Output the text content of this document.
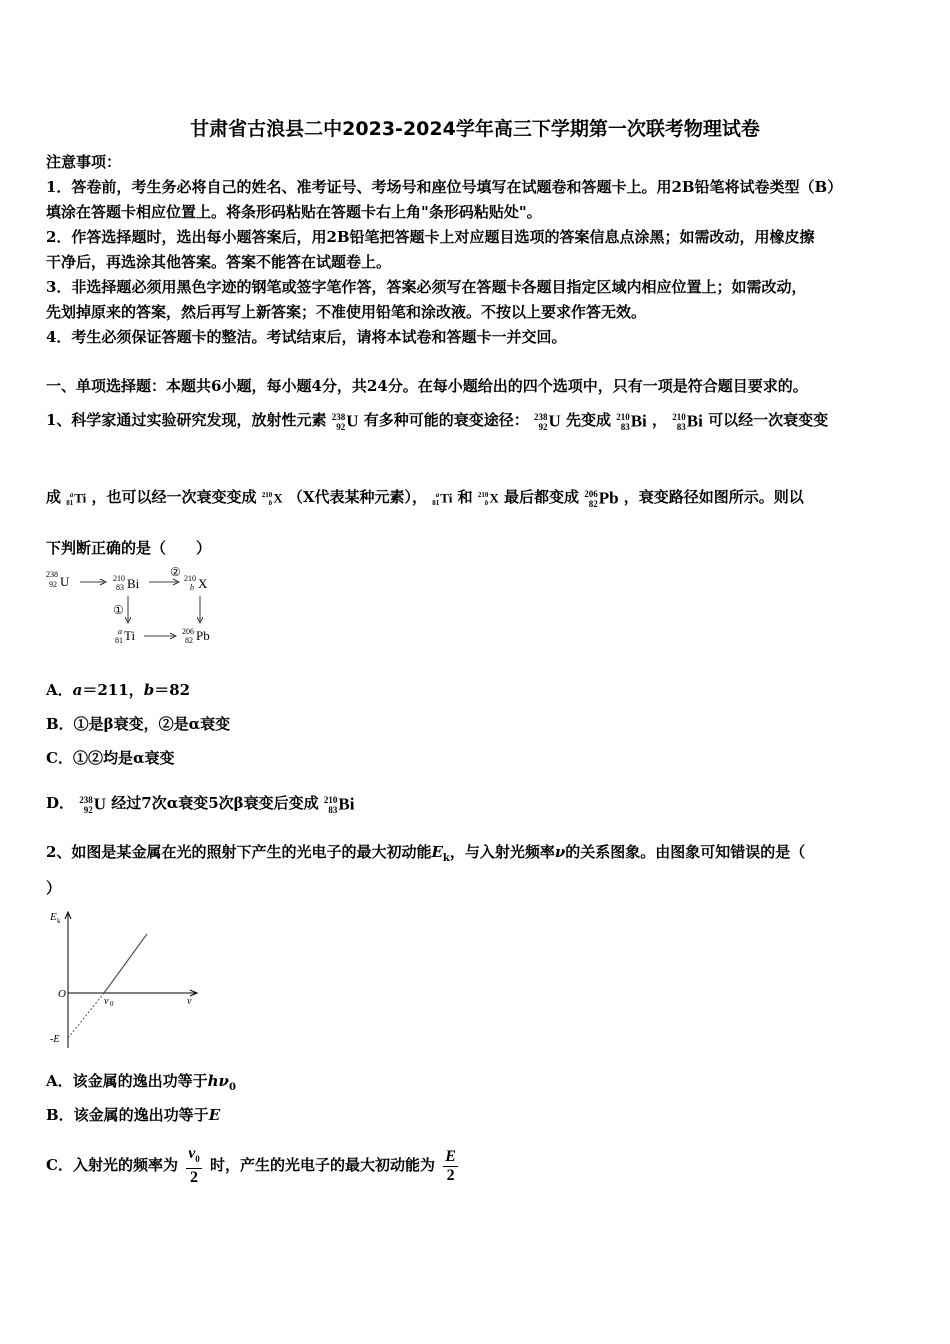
甘肃省古浪县二中2023-2024学年高三下学期第一次联考物理试卷
注意事项：
1．答卷前，考生务必将自己的姓名、准考证号、考场号和座位号填写在试题卷和答题卡上。用2B铅笔将试卷类型（B）
填涂在答题卡相应位置上。将条形码粘贴在答题卡右上角"条形码粘贴处"。
2．作答选择题时，选出每小题答案后，用2B铅笔把答题卡上对应题目选项的答案信息点涂黑；如需改动，用橡皮擦
干净后，再选涂其他答案。答案不能答在试题卷上。
3．非选择题必须用黑色字迹的钢笔或签字笔作答，答案必须写在答题卡各题目指定区域内相应位置上；如需改动，
先划掉原来的答案，然后再写上新答案；不准使用铅笔和涂改液。不按以上要求作答无效。
4．考生必须保证答题卡的整洁。考试结束后，请将本试卷和答题卡一并交回。
一、单项选择题：本题共6小题，每小题4分，共24分。在每小题给出的四个选项中，只有一项是符合题目要求的。
1、科学家通过实验研究发现，放射性元素 238
92 U 有多种可能的衰变途径： 238
92 U 先变成 210
83 Bi ， 210
83 Bi 可以经一次衰变变
成	a
81 Ti ，也可以经一次衰变变成 210
b X （X代表某种元素），	a
81 Ti 和 210
b X 最后都变成 206
82 Pb ，衰变路径如图所示。则以
下判断正确的是（　　）
238
92 U	210
83 Bi
② 210
b X
①
a
81 Ti	206
82 Pb
A．a＝211，b＝82
B．①是β衰变，②是α衰变
C．①②均是α衰变
D． 238
92 U 经过7次α衰变5次β衰变后变成 210
83 Bi
2、如图是某金属在光的照射下产生的光电子的最大初动能$E_k$，与入射光频率ν的关系图象。由图象可知错误的是（
）
E k
O
ν
ν 0
-E
A．该金属的逸出功等于$h\nu_0$
B．该金属的逸出功等于E
C．入射光的频率为 $\frac{\nu_0}{2}$ 时，产生的光电子的最大初动能为 $\frac{E}{2}$
